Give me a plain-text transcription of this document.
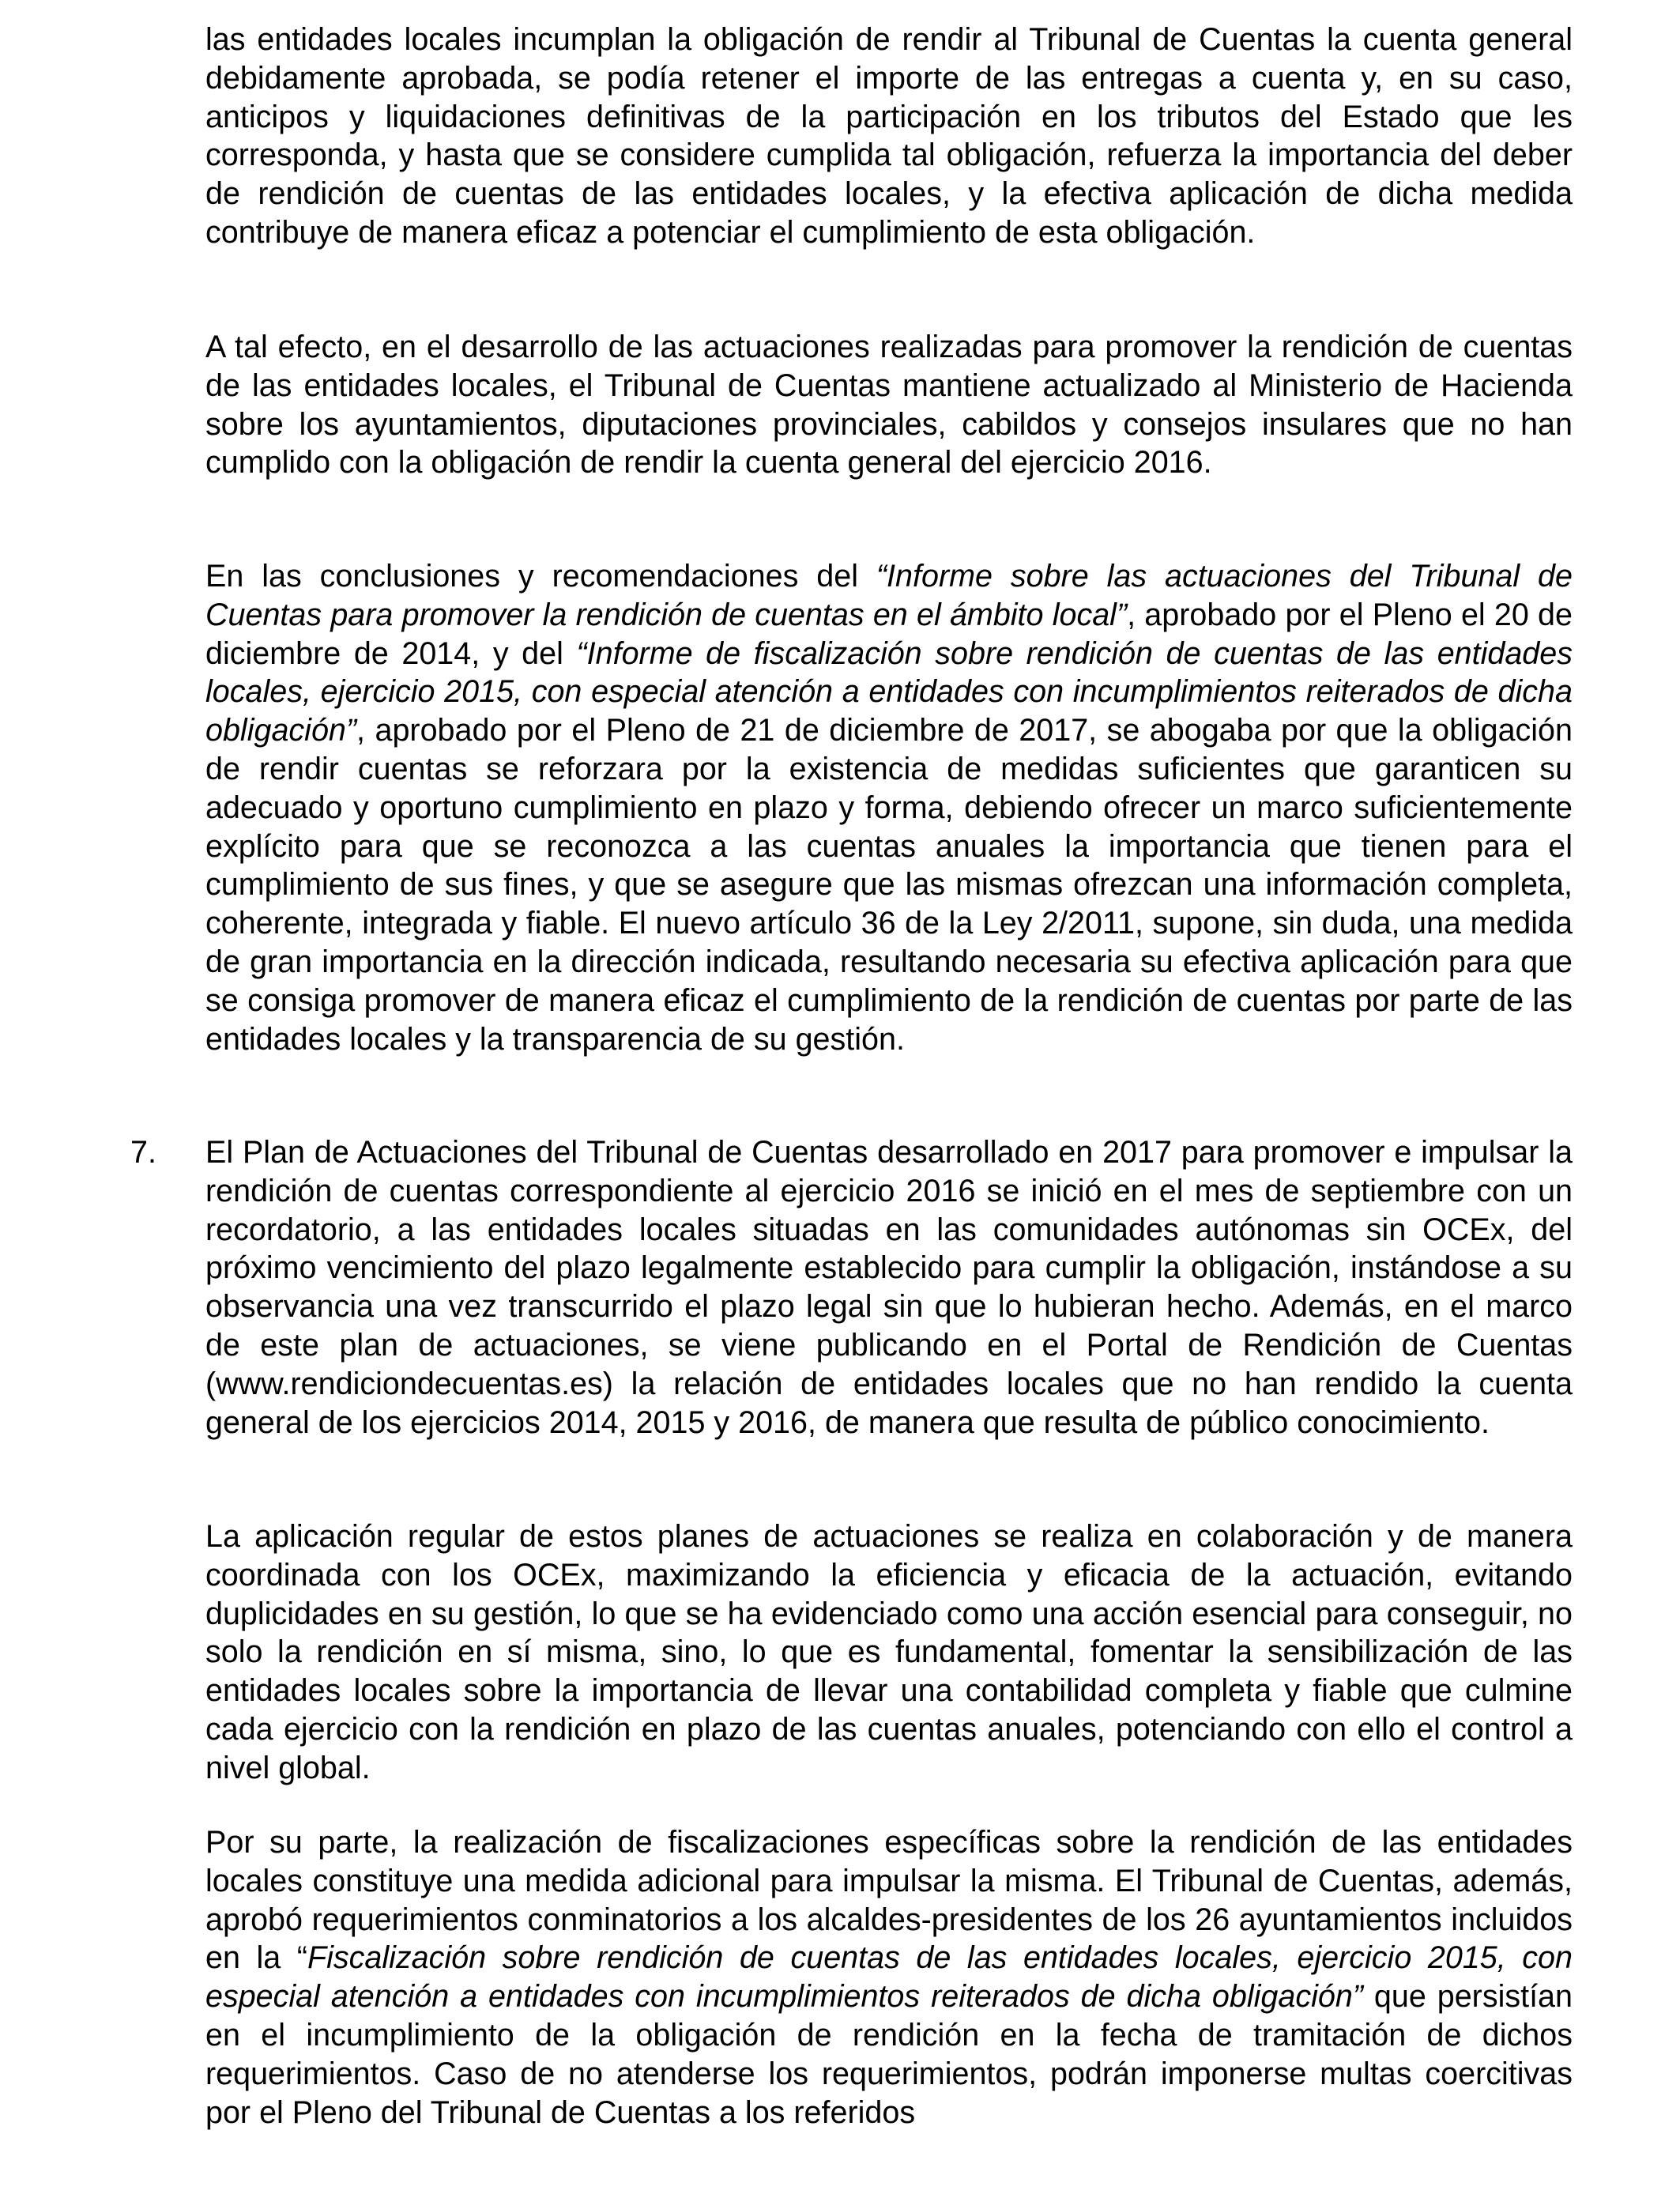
las entidades locales incumplan la obligación de rendir al Tribunal de Cuentas la cuenta general debidamente aprobada, se podía retener el importe de las entregas a cuenta y, en su caso, anticipos y liquidaciones definitivas de la participación en los tributos del Estado que les corresponda, y hasta que se considere cumplida tal obligación, refuerza la importancia del deber de rendición de cuentas de las entidades locales, y la efectiva aplicación de dicha medida contribuye de manera eficaz a potenciar el cumplimiento de esta obligación.

A tal efecto, en el desarrollo de las actuaciones realizadas para promover la rendición de cuentas de las entidades locales, el Tribunal de Cuentas mantiene actualizado al Ministerio de Hacienda sobre los ayuntamientos, diputaciones provinciales, cabildos y consejos insulares que no han cumplido con la obligación de rendir la cuenta general del ejercicio 2016.

En las conclusiones y recomendaciones del “Informe sobre las actuaciones del Tribunal de Cuentas para promover la rendición de cuentas en el ámbito local”, aprobado por el Pleno el 20 de diciembre de 2014, y del “Informe de fiscalización sobre rendición de cuentas de las entidades locales, ejercicio 2015, con especial atención a entidades con incumplimientos reiterados de dicha obligación”, aprobado por el Pleno de 21 de diciembre de 2017, se abogaba por que la obligación de rendir cuentas se reforzara por la existencia de medidas suficientes que garanticen su adecuado y oportuno cumplimiento en plazo y forma, debiendo ofrecer un marco suficientemente explícito para que se reconozca a las cuentas anuales la importancia que tienen para el cumplimiento de sus fines, y que se asegure que las mismas ofrezcan una información completa, coherente, integrada y fiable. El nuevo artículo 36 de la Ley 2/2011, supone, sin duda, una medida de gran importancia en la dirección indicada, resultando necesaria su efectiva aplicación para que se consiga promover de manera eficaz el cumplimiento de la rendición de cuentas por parte de las entidades locales y la transparencia de su gestión.

7. El Plan de Actuaciones del Tribunal de Cuentas desarrollado en 2017 para promover e impulsar la rendición de cuentas correspondiente al ejercicio 2016 se inició en el mes de septiembre con un recordatorio, a las entidades locales situadas en las comunidades autónomas sin OCEx, del próximo vencimiento del plazo legalmente establecido para cumplir la obligación, instándose a su observancia una vez transcurrido el plazo legal sin que lo hubieran hecho. Además, en el marco de este plan de actuaciones, se viene publicando en el Portal de Rendición de Cuentas (www.rendiciondecuentas.es) la relación de entidades locales que no han rendido la cuenta general de los ejercicios 2014, 2015 y 2016, de manera que resulta de público conocimiento.

La aplicación regular de estos planes de actuaciones se realiza en colaboración y de manera coordinada con los OCEx, maximizando la eficiencia y eficacia de la actuación, evitando duplicidades en su gestión, lo que se ha evidenciado como una acción esencial para conseguir, no solo la rendición en sí misma, sino, lo que es fundamental, fomentar la sensibilización de las entidades locales sobre la importancia de llevar una contabilidad completa y fiable que culmine cada ejercicio con la rendición en plazo de las cuentas anuales, potenciando con ello el control a nivel global.

Por su parte, la realización de fiscalizaciones específicas sobre la rendición de las entidades locales constituye una medida adicional para impulsar la misma. El Tribunal de Cuentas, además, aprobó requerimientos conminatorios a los alcaldes-presidentes de los 26 ayuntamientos incluidos en la “Fiscalización sobre rendición de cuentas de las entidades locales, ejercicio 2015, con especial atención a entidades con incumplimientos reiterados de dicha obligación” que persistían en el incumplimiento de la obligación de rendición en la fecha de tramitación de dichos requerimientos. Caso de no atenderse los requerimientos, podrán imponerse multas coercitivas por el Pleno del Tribunal de Cuentas a los referidos
